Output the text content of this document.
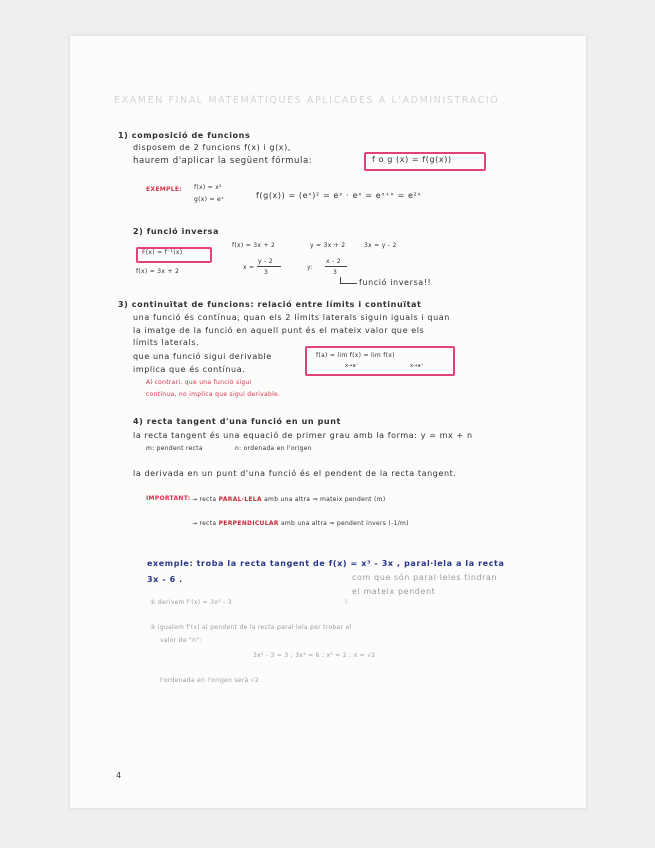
EXAMEN FINAL MATEMÀTIQUES APLICADES A L'ADMINISTRACIÓ
1) composició de funcions
disposem de 2 funcions f(x) i g(x),
haurem d'aplicar la següent fórmula:	f o g (x) = f(g(x))
EXEMPLE: f(x) = x²
g(x) = eˣ	f(g(x)) = (eˣ)² = eˣ · eˣ = eˣ⁺ˣ = e²ˣ
2) funció inversa
F(x) = f⁻¹(x)
f(x) = 3x + 2
f(x) = 3x + 2	y = 3x + 2	3x = y - 2
x =
y - 2
3
y:
x - 2
3
funció inversa!!
3) continuïtat de funcions: relació entre límits i continuïtat
una funció és contínua, quan els 2 límits laterals siguin iguals i quan
la imatge de la funció en aquell punt és el mateix valor que els
límits laterals.
que una funció sigui derivable
implica que és contínua.
f(a) = lim f(x) = lim f(x)
x→a⁻	x→a⁺
Al contrari, que una funció sigui
contínua, no implica que sigui derivable.
4) recta tangent d'una funció en un punt
la recta tangent és una equació de primer grau amb la forma: y = mx + n
m: pendent recta	n: ordenada en l'origen
la derivada en un punt d'una funció és el pendent de la recta tangent.
IMPORTANT: → recta PARAL·LELA amb una altra ⇒ mateix pendent (m)
→ recta PERPENDICULAR amb una altra ⇒ pendent invers (-1/m)
exemple: troba la recta tangent de f(x) = x³ - 3x , paral·lela a la recta
3x - 6 .	com que són paral·leles tindran
el mateix pendent
① derivem f'(x) = 3x² - 3	3
② igualem f'(x) al pendent de la recta paral·lela per trobar el
valor de "n":
3x² - 3 = 3 ; 3x² = 6 ; x² = 2 ; x = √2
l'ordenada en l'origen serà √2
4
